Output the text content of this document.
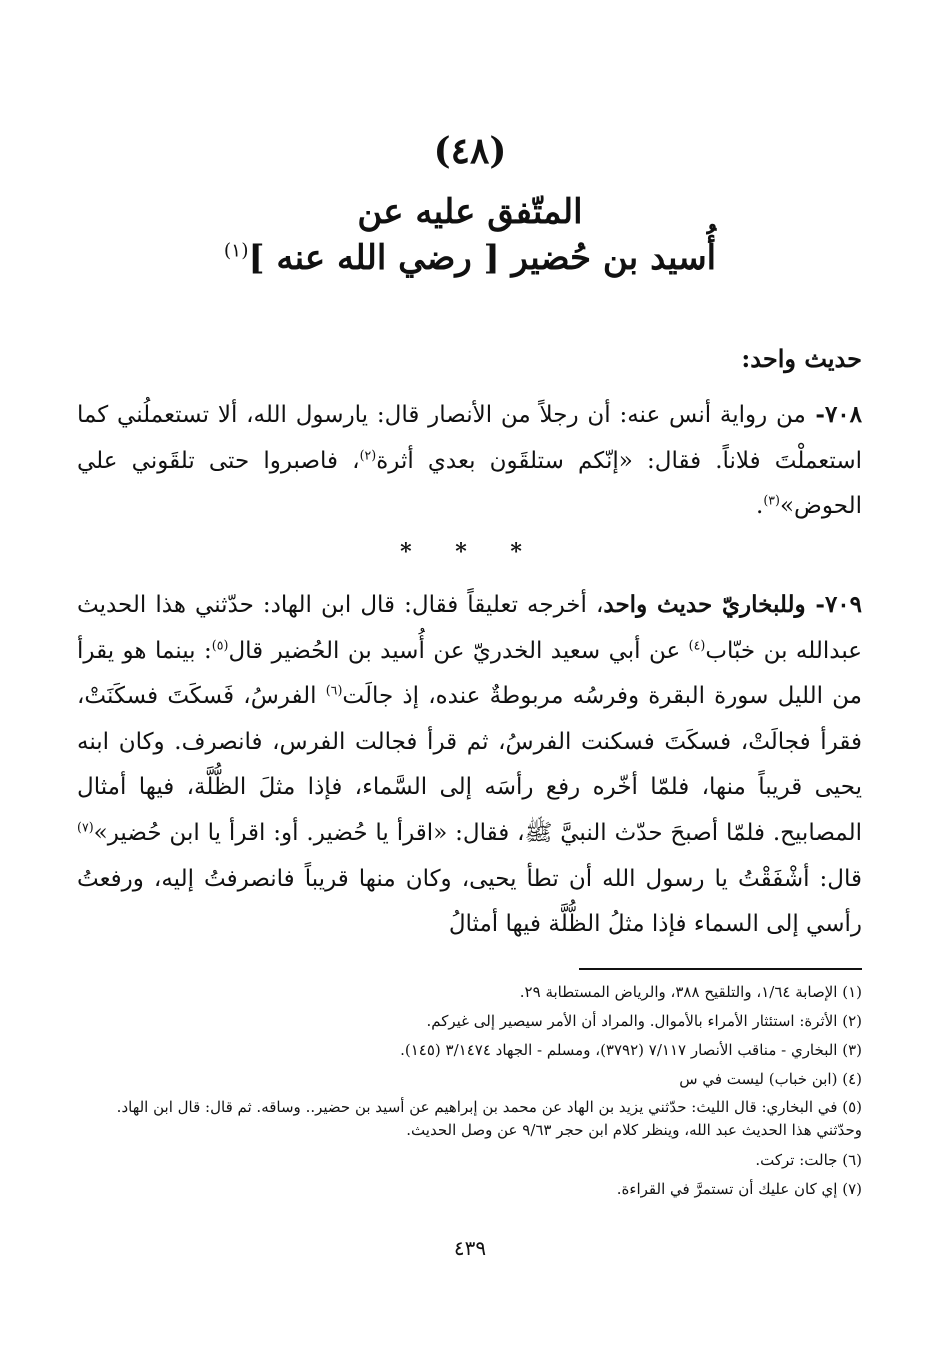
(٤٨)
المتّفق عليه عن
أُسيد بن حُضير [ رضي الله عنه ]$^{(١)}$
حديث واحد:
٧٠٨- من رواية أنس عنه: أن رجلاً من الأنصار قال: يارسول الله، ألا تستعملُني كما استعملْتَ فلاناً. فقال: «إنّكم ستلقَون بعدي أثرة$^{(٢)}$، فاصبروا حتى تلقَوني علي الحوض»$^{(٣)}$.
* * *
٧٠٩- وللبخاريّ حديث واحد، أخرجه تعليقاً فقال: قال ابن الهاد: حدّثني هذا الحديث عبدالله بن خبّاب$^{(٤)}$ عن أبي سعيد الخدريّ عن أُسيد بن الحُضير قال$^{(٥)}$: بينما هو يقرأ من الليل سورة البقرة وفرسُه مربوطةٌ عنده، إذ جالَت$^{(٦)}$ الفرسُ، فَسكَتَ فسكَنَتْ، فقرأ فجالَتْ، فسكَتَ فسكنت الفرسُ، ثم قرأ فجالت الفرس، فانصرف. وكان ابنه يحيى قريباً منها، فلمّا أخّره رفع رأسَه إلى السَّماء، فإذا مثلَ الظُّلَّة، فيها أمثال المصابيح. فلمّا أصبحَ حدّث النبيَّ ﷺ، فقال: «اقرأ يا حُضير. أو: اقرأ يا ابن حُضير»$^{(٧)}$ قال: أشْفَقْتُ يا رسول الله أن تطأ يحيى، وكان منها قريباً فانصرفتُ إليه، ورفعتُ رأسي إلى السماء فإذا مثلُ الظُّلَّة فيها أمثالُ
(١) الإصابة ١/٦٤، والتلقيح ٣٨٨، والرياض المستطابة ٢٩.
(٢) الأثرة: استئثار الأمراء بالأموال. والمراد أن الأمر سيصير إلى غيركم.
(٣) البخاري - مناقب الأنصار ٧/١١٧ (٣٧٩٢)، ومسلم - الجهاد ٣/١٤٧٤ (١٤٥).
(٤) (ابن خباب) ليست في س
(٥) في البخاري: قال الليث: حدّثني يزيد بن الهاد عن محمد بن إبراهيم عن أسيد بن حضير.. وساقه. ثم قال: قال ابن الهاد. وحدّثني هذا الحديث عبد الله، وينظر كلام ابن حجر ٩/٦٣ عن وصل الحديث.
(٦) جالت: تركت.
(٧) إي كان عليك أن تستمرَّ في القراءة.
٤٣٩
